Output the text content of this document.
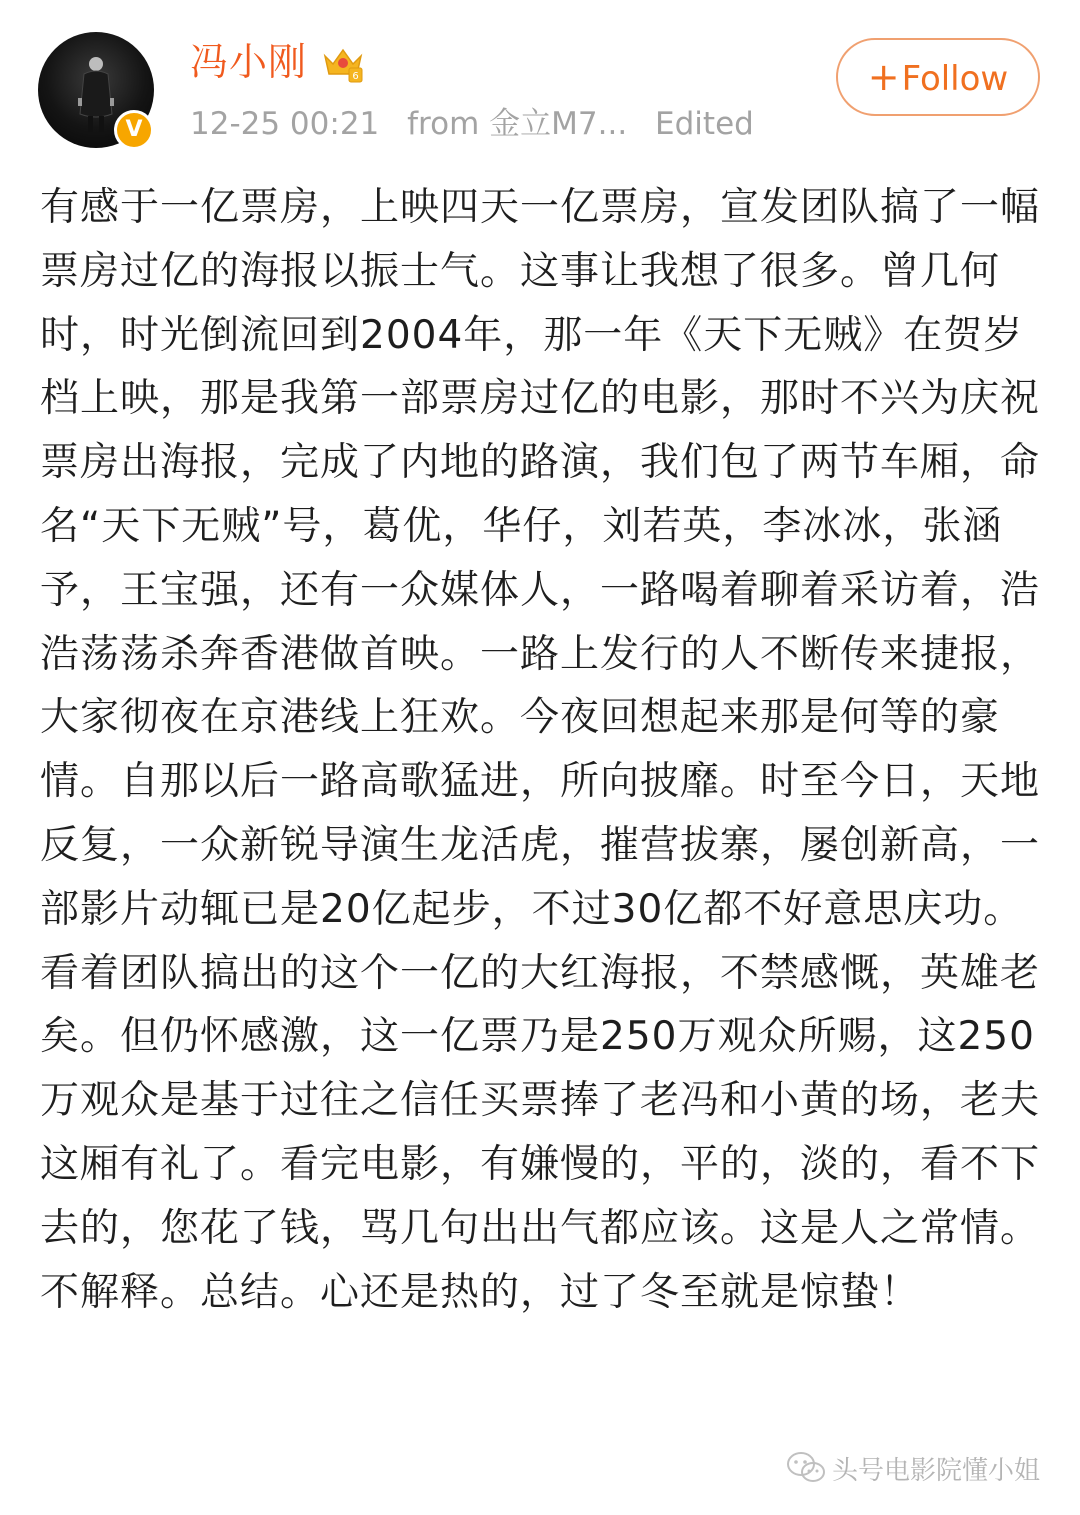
V
冯小刚	6
12-25 00:21 from 金立M7... Edited
+Follow

有感于一亿票房，上映四天一亿票房，宣发团队搞了一幅票房过亿的海报以振士气。这事让我想了很多。曾几何时，时光倒流回到2004年，那一年《天下无贼》在贺岁档上映，那是我第一部票房过亿的电影，那时不兴为庆祝票房出海报，完成了内地的路演，我们包了两节车厢，命名“天下无贼”号，葛优，华仔，刘若英，李冰冰，张涵予，王宝强，还有一众媒体人，一路喝着聊着采访着，浩浩荡荡杀奔香港做首映。一路上发行的人不断传来捷报，大家彻夜在京港线上狂欢。今夜回想起来那是何等的豪情。自那以后一路高歌猛进，所向披靡。时至今日，天地反复，一众新锐导演生龙活虎，摧营拔寨，屡创新高，一部影片动辄已是20亿起步，不过30亿都不好意思庆功。看着团队搞出的这个一亿的大红海报，不禁感慨，英雄老矣。但仍怀感激，这一亿票乃是250万观众所赐，这250万观众是基于过往之信任买票捧了老冯和小黄的场，老夫这厢有礼了。看完电影，有嫌慢的，平的，淡的，看不下去的，您花了钱，骂几句出出气都应该。这是人之常情。不解释。总结。心还是热的，过了冬至就是惊蛰！

头号电影院懂小姐
